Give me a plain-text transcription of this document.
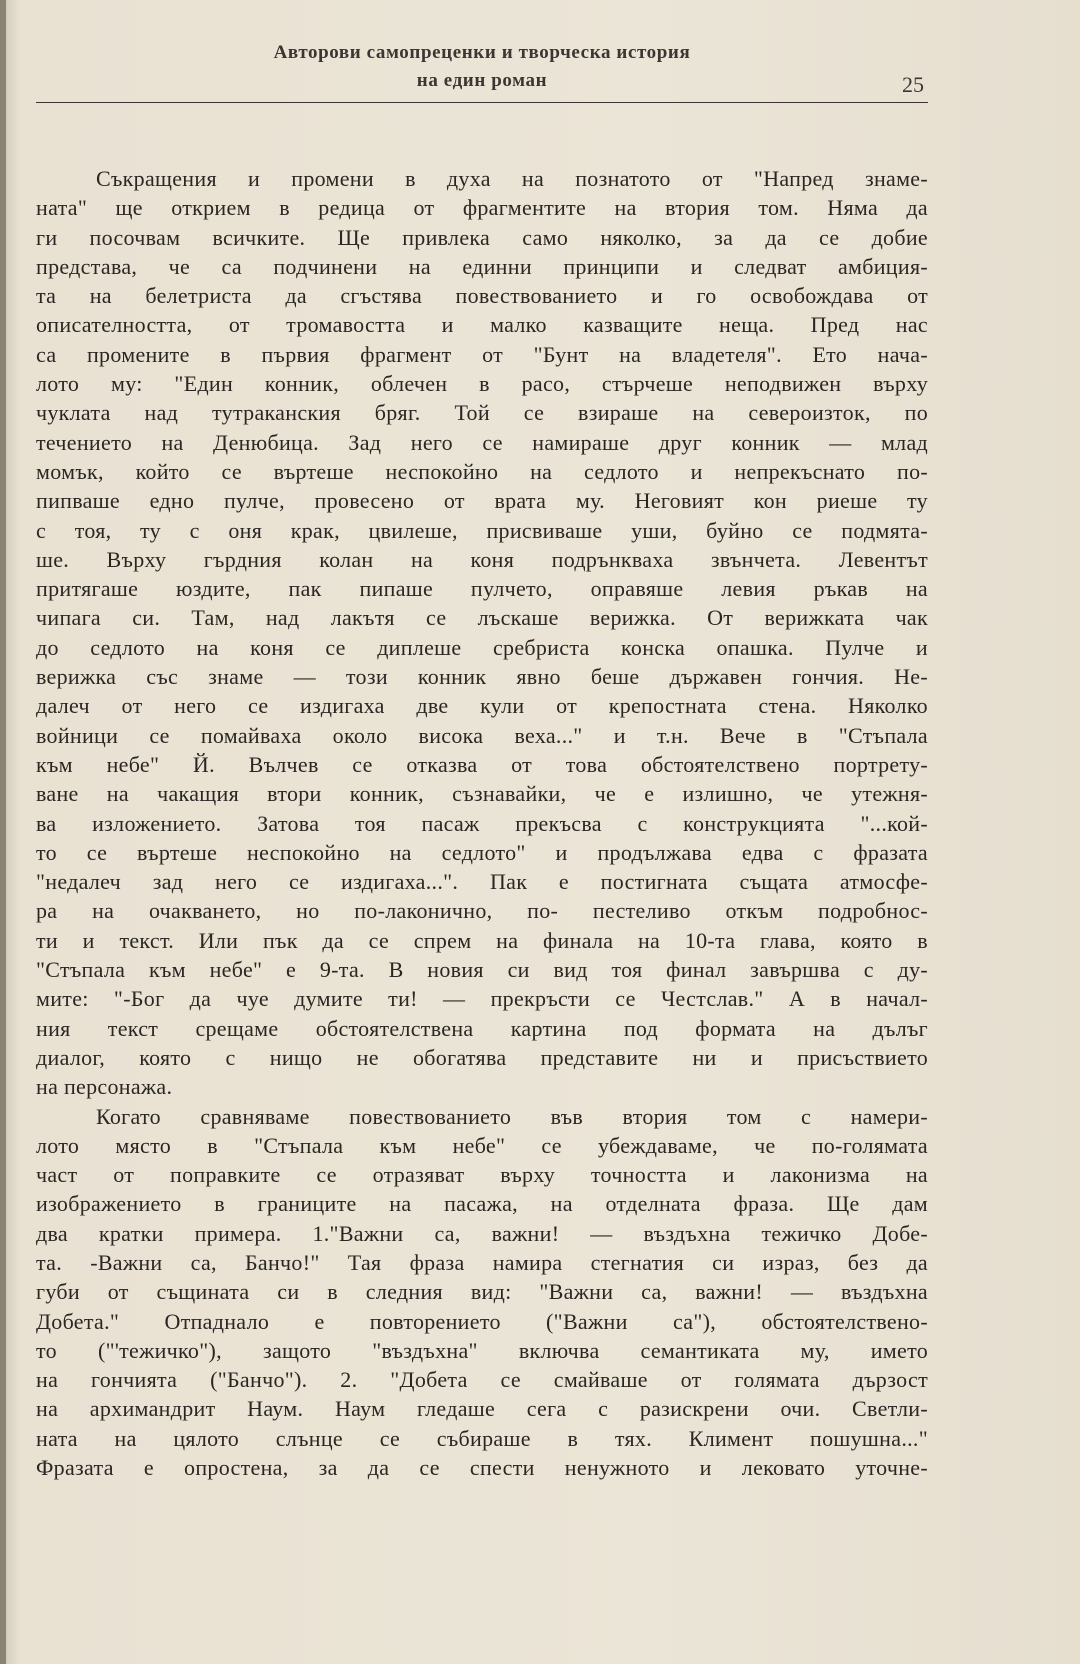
Авторови самопреценки и творческа история
на един роман	25
Съкращения и промени в духа на познатото от "Напред знаме-
ната" ще открием в редица от фрагментите на втория том. Няма да
ги посочвам всичките. Ще привлека само няколко, за да се добие
представа, че са подчинени на единни принципи и следват амбиция-
та на белетриста да сгъстява повествованието и го освобождава от
описателността, от тромавостта и малко казващите неща. Пред нас
са промените в първия фрагмент от "Бунт на владетеля". Ето нача-
лото му: "Един конник, облечен в расо, стърчеше неподвижен върху
чуклата над тутраканския бряг. Той се взираше на североизток, по
течението на Денюбица. Зад него се намираше друг конник — млад
момък, който се въртеше неспокойно на седлото и непрекъснато по-
пипваше едно пулче, провесено от врата му. Неговият кон риеше ту
с тоя, ту с оня крак, цвилеше, присвиваше уши, буйно се подмята-
ше. Върху гърдния колан на коня подрънкваха звънчета. Левентът
притягаше юздите, пак пипаше пулчето, оправяше левия ръкав на
чипага си. Там, над лакътя се лъскаше верижка. От верижката чак
до седлото на коня се диплеше сребриста конска опашка. Пулче и
верижка със знаме — този конник явно беше държавен гончия. Не-
далеч от него се издигаха две кули от крепостната стена. Няколко
войници се помайваха около висока веха..." и т.н. Вече в "Стъпала
към небе" Й. Вълчев се отказва от това обстоятелствено портрету-
ване на чакащия втори конник, съзнавайки, че е излишно, че утежня-
ва изложението. Затова тоя пасаж прекъсва с конструкцията "...кой-
то се въртеше неспокойно на седлото" и продължава едва с фразата
"недалеч зад него се издигаха...". Пак е постигната същата атмосфе-
ра на очакването, но по-лаконично, по- пестеливо откъм подробнос-
ти и текст. Или пък да се спрем на финала на 10-та глава, която в
"Стъпала към небе" е 9-та. В новия си вид тоя финал завършва с ду-
мите: "-Бог да чуе думите ти! — прекръсти се Честслав." А в начал-
ния текст срещаме обстоятелствена картина под формата на дълъг
диалог, която с нищо не обогатява представите ни и присъствието
на персонажа.
Когато сравняваме повествованието във втория том с намери-
лото място в "Стъпала към небе" се убеждаваме, че по-голямата
част от поправките се отразяват върху точността и лаконизма на
изображението в границите на пасажа, на отделната фраза. Ще дам
два кратки примера. 1."Важни са, важни! — въздъхна тежичко Добе-
та. -Важни са, Банчо!" Тая фраза намира стегнатия си израз, без да
губи от същината си в следния вид: "Важни са, важни! — въздъхна
Добета." Отпаднало е повторението ("Важни са"), обстоятелствено-
то ("'тежичко"), защото "въздъхна" включва семантиката му, името
на гончията ("Банчо"). 2. "Добета се смайваше от голямата дързост
на архимандрит Наум. Наум гледаше сега с разискрени очи. Светли-
ната на цялото слънце се събираше в тях. Климент пошушна..."
Фразата е опростена, за да се спести ненужното и лековато уточне-
